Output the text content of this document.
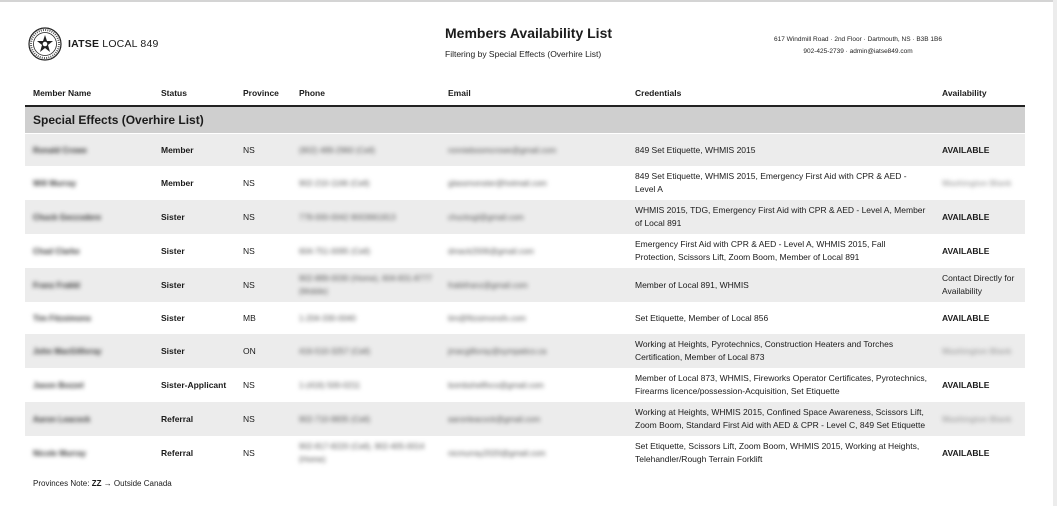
IATSE LOCAL 849
Members Availability List
Filtering by Special Effects (Overhire List)
617 Windmill Road · 2nd Floor · Dartmouth, NS · B3B 1B6
902-425-2739 · admin@iatse849.com
Member Name	Status	Province	Phone	Email	Credentials	Availability
Special Effects (Overhire List)						
Ronald Crowe	Member	NS	(902) 489-2960 (Cell)	ronnieboomcrowe@gmail.com	849 Set Etiquette, WHMIS 2015	AVAILABLE
Will Murray	Member	NS	902-210-1166 (Cell)	glassmonster@hotmail.com	849 Set Etiquette, WHMIS 2015, Emergency First Aid with CPR & AED - Level A	Washington Blank
Chuck Geccodere	Sister	NS	778-000-0042 8003661813	chucksgl@gmail.com	WHMIS 2015, TDG, Emergency First Aid with CPR & AED - Level A, Member of Local 891	AVAILABLE
Chad Clarke	Sister	NS	604-751-0095 (Cell)	dmack2006@gmail.com	Emergency First Aid with CPR & AED - Level A, WHMIS 2015, Fall Protection, Scissors Lift, Zoom Boom, Member of Local 891	AVAILABLE
Franz Frakkl	Sister	NS	902-889-0030 (Home), 604-831-8777 (Mobile)	frakkfranz@gmail.com	Member of Local 891, WHMIS	Contact Directly for Availability
Tim Fitzsimons	Sister	MB	1-204-330-0040	tim@fitzsimonsfx.com	Set Etiquette, Member of Local 856	AVAILABLE
John MacGillivray	Sister	ON	416-510-3257 (Cell)	jmacgillivray@sympatico.ca	Working at Heights, Pyrotechnics, Construction Heaters and Torches Certification, Member of Local 873	Washington Blank
Jason Bozzel	Sister-Applicant	NS	1-(416) 500-0211	bombshellfxco@gmail.com	Member of Local 873, WHMIS, Fireworks Operator Certificates, Pyrotechnics, Firearms licence/possession-Acquisition, Set Etiquette	AVAILABLE
Aaron Leacock	Referral	NS	902-710-9835 (Cell)	aaronleacock@gmail.com	Working at Heights, WHMIS 2015, Confined Space Awareness, Scissors Lift, Zoom Boom, Standard First Aid with AED & CPR - Level C, 849 Set Etiquette	Washington Blank
Nicole Murray	Referral	NS	902-817-8220 (Cell), 902-405-0014 (Home)	nicmurray2020@gmail.com	Set Etiquette, Scissors Lift, Zoom Boom, WHMIS 2015, Working at Heights, Telehandler/Rough Terrain Forklift	AVAILABLE
Provinces Note: ZZ → Outside Canada
